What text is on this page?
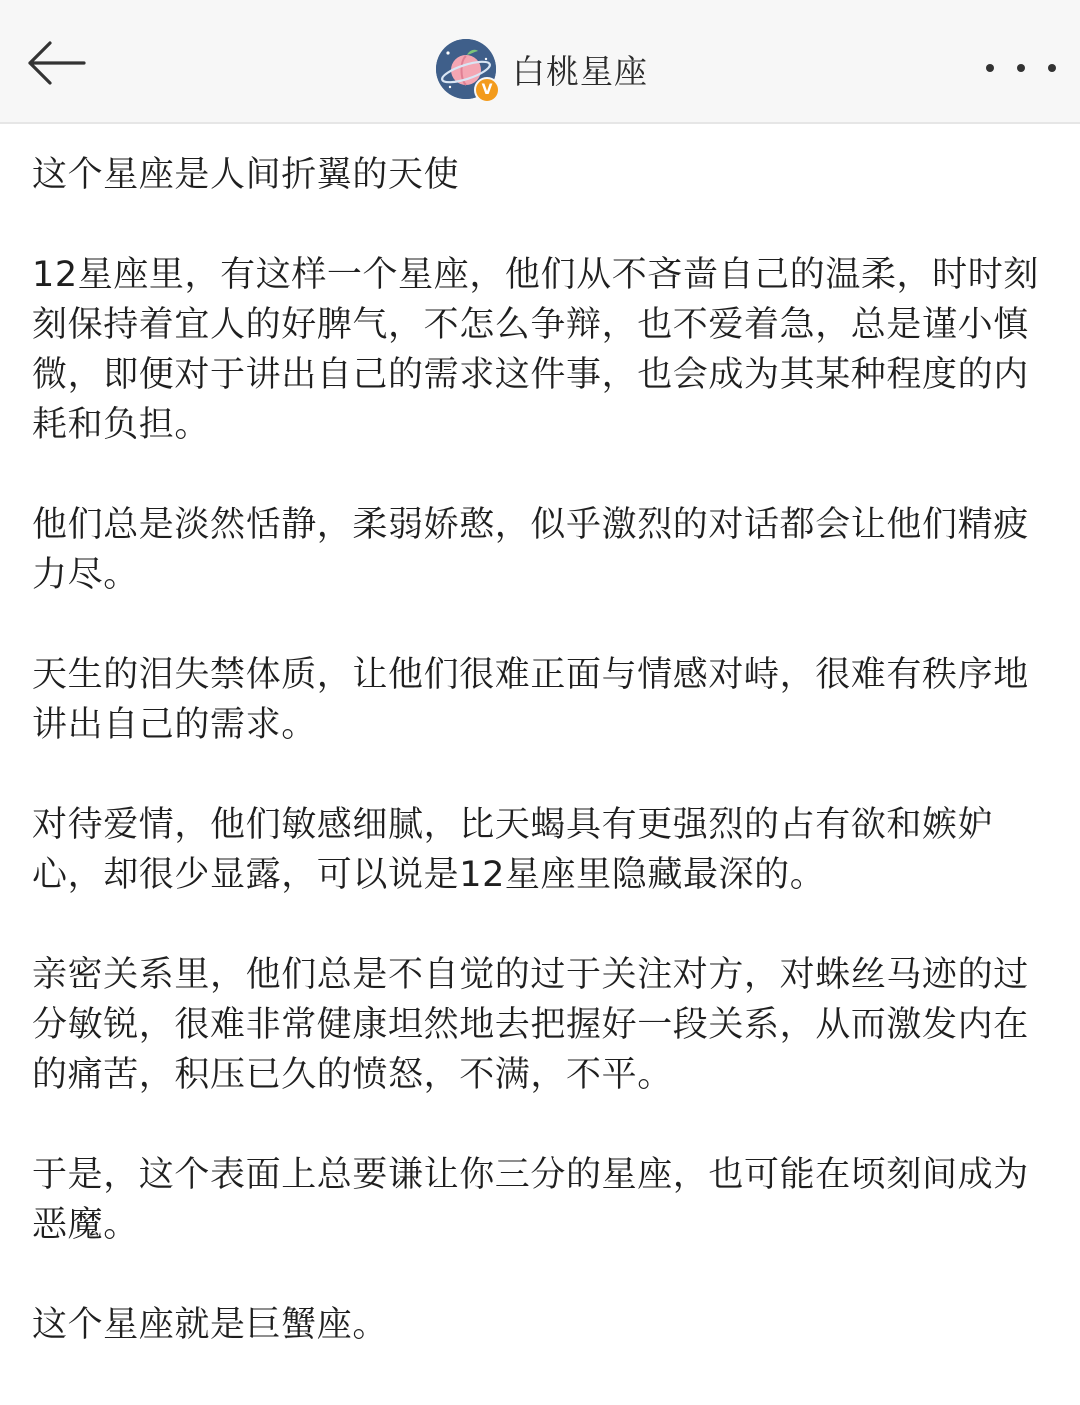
V 白桃星座
这个星座是人间折翼的天使

12星座里，有这样一个星座，他们从不吝啬自己的温柔，时时刻刻保持着宜人的好脾气，不怎么争辩，也不爱着急，总是谨小慎微，即便对于讲出自己的需求这件事，也会成为其某种程度的内耗和负担。

他们总是淡然恬静，柔弱娇憨，似乎激烈的对话都会让他们精疲力尽。

天生的泪失禁体质，让他们很难正面与情感对峙，很难有秩序地讲出自己的需求。

对待爱情，他们敏感细腻，比天蝎具有更强烈的占有欲和嫉妒心，却很少显露，可以说是12星座里隐藏最深的。

亲密关系里，他们总是不自觉的过于关注对方，对蛛丝马迹的过分敏锐，很难非常健康坦然地去把握好一段关系，从而激发内在的痛苦，积压已久的愤怒，不满，不平。

于是，这个表面上总要谦让你三分的星座，也可能在顷刻间成为恶魔。

这个星座就是巨蟹座。
